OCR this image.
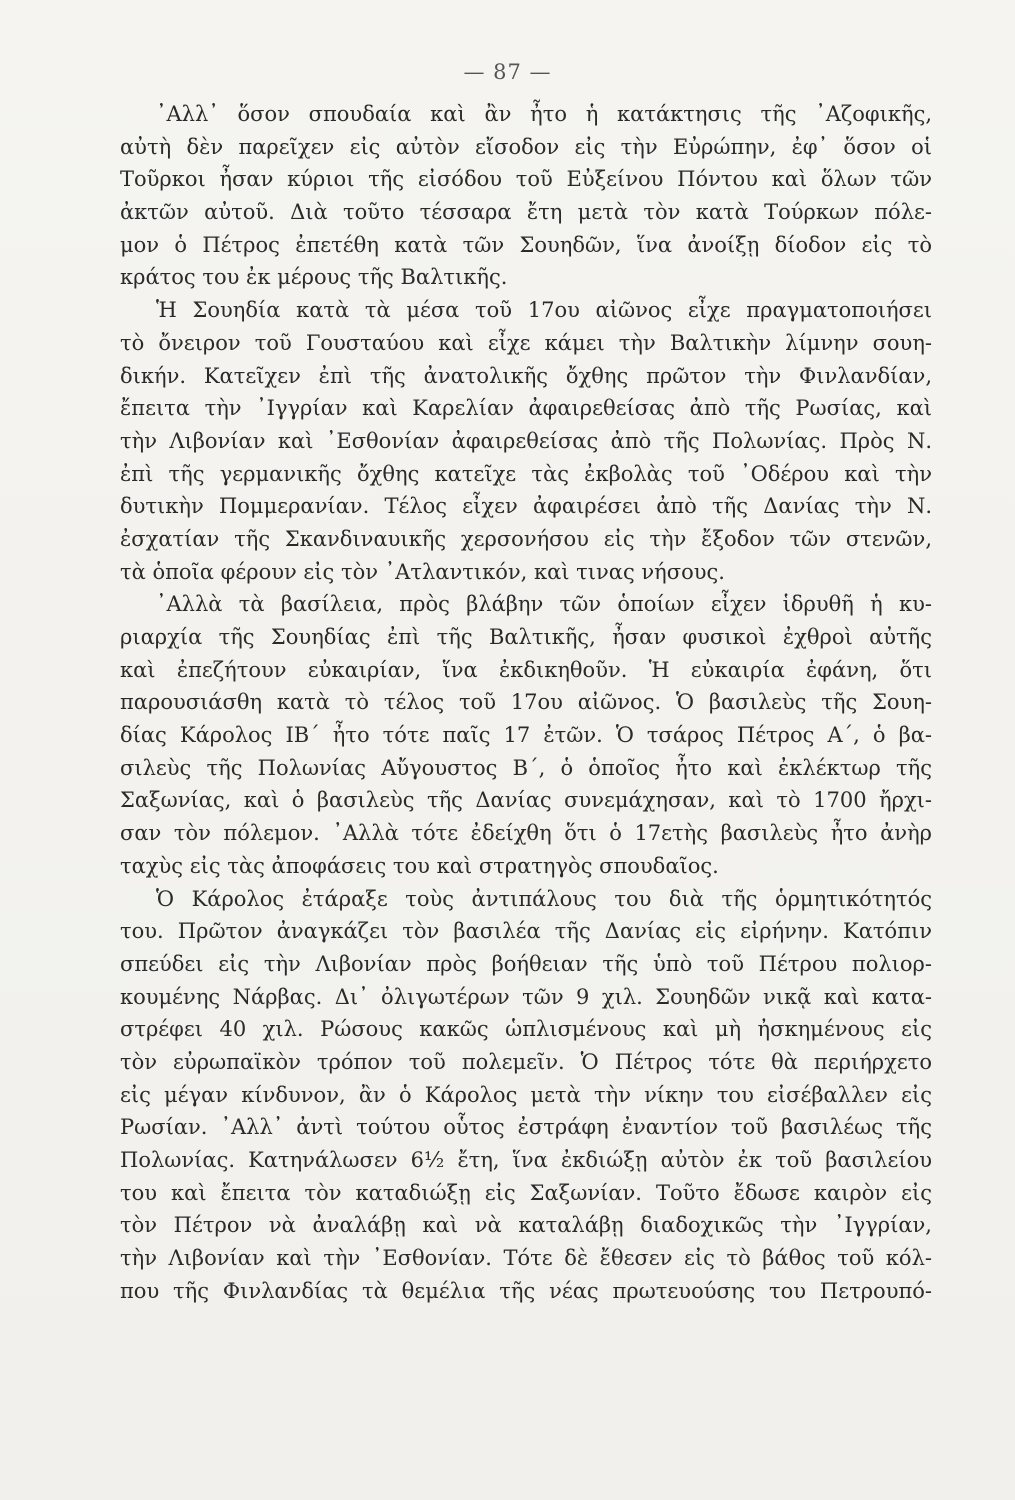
— 87 —
᾿Αλλ᾿ ὅσον σπουδαία καὶ ἂν ἦτο ἡ κατάκτησις τῆς ᾿Αζοφικῆς,
αὐτὴ δὲν παρεῖχεν εἰς αὐτὸν εἴσοδον εἰς τὴν Εὐρώπην, ἐφ᾿ ὅσον οἱ
Τοῦρκοι ἦσαν κύριοι τῆς εἰσόδου τοῦ Εὐξείνου Πόντου καὶ ὅλων τῶν
ἀκτῶν αὐτοῦ. Διὰ τοῦτο τέσσαρα ἔτη μετὰ τὸν κατὰ Τούρκων πόλε-
μον ὁ Πέτρος ἐπετέθη κατὰ τῶν Σουηδῶν, ἵνα ἀνοίξῃ δίοδον εἰς τὸ
κράτος του ἐκ μέρους τῆς Βαλτικῆς.
Ἡ Σουηδία κατὰ τὰ μέσα τοῦ 17ου αἰῶνος εἶχε πραγματοποιήσει
τὸ ὄνειρον τοῦ Γουσταύου καὶ εἶχε κάμει τὴν Βαλτικὴν λίμνην σουη-
δικήν. Κατεῖχεν ἐπὶ τῆς ἀνατολικῆς ὄχθης πρῶτον τὴν Φινλανδίαν,
ἔπειτα τὴν ᾿Ιγγρίαν καὶ Καρελίαν ἀφαιρεθείσας ἀπὸ τῆς Ρωσίας, καὶ
τὴν Λιβονίαν καὶ ᾿Εσθονίαν ἀφαιρεθείσας ἀπὸ τῆς Πολωνίας. Πρὸς Ν.
ἐπὶ τῆς γερμανικῆς ὄχθης κατεῖχε τὰς ἐκβολὰς τοῦ ᾿Οδέρου καὶ τὴν
δυτικὴν Πομμερανίαν. Τέλος εἶχεν ἀφαιρέσει ἀπὸ τῆς Δανίας τὴν Ν.
ἐσχατίαν τῆς Σκανδιναυικῆς χερσονήσου εἰς τὴν ἔξοδον τῶν στενῶν,
τὰ ὁποῖα φέρουν εἰς τὸν ᾿Ατλαντικόν, καὶ τινας νήσους.
᾿Αλλὰ τὰ βασίλεια, πρὸς βλάβην τῶν ὁποίων εἶχεν ἱδρυθῆ ἡ κυ-
ριαρχία τῆς Σουηδίας ἐπὶ τῆς Βαλτικῆς, ἦσαν φυσικοὶ ἐχθροὶ αὐτῆς
καὶ ἐπεζήτουν εὐκαιρίαν, ἵνα ἐκδικηθοῦν. Ἡ εὐκαιρία ἐφάνη, ὅτι
παρουσιάσθη κατὰ τὸ τέλος τοῦ 17ου αἰῶνος. Ὁ βασιλεὺς τῆς Σουη-
δίας Κάρολος ΙΒ΄ ἦτο τότε παῖς 17 ἐτῶν. Ὁ τσάρος Πέτρος Α΄, ὁ βα-
σιλεὺς τῆς Πολωνίας Αὔγουστος Β΄, ὁ ὁποῖος ἦτο καὶ ἐκλέκτωρ τῆς
Σαξωνίας, καὶ ὁ βασιλεὺς τῆς Δανίας συνεμάχησαν, καὶ τὸ 1700 ἤρχι-
σαν τὸν πόλεμον. ᾿Αλλὰ τότε ἐδείχθη ὅτι ὁ 17ετὴς βασιλεὺς ἦτο ἀνὴρ
ταχὺς εἰς τὰς ἀποφάσεις του καὶ στρατηγὸς σπουδαῖος.
Ὁ Κάρολος ἐτάραξε τοὺς ἀντιπάλους του διὰ τῆς ὁρμητικότητός
του. Πρῶτον ἀναγκάζει τὸν βασιλέα τῆς Δανίας εἰς εἰρήνην. Κατόπιν
σπεύδει εἰς τὴν Λιβονίαν πρὸς βοήθειαν τῆς ὑπὸ τοῦ Πέτρου πολιορ-
κουμένης Νάρβας. Δι᾿ ὀλιγωτέρων τῶν 9 χιλ. Σουηδῶν νικᾷ καὶ κατα-
στρέφει 40 χιλ. Ρώσους κακῶς ὡπλισμένους καὶ μὴ ἠσκημένους εἰς
τὸν εὐρωπαϊκὸν τρόπον τοῦ πολεμεῖν. Ὁ Πέτρος τότε θὰ περιήρχετο
εἰς μέγαν κίνδυνον, ἂν ὁ Κάρολος μετὰ τὴν νίκην του εἰσέβαλλεν εἰς
Ρωσίαν. ᾿Αλλ᾿ ἀντὶ τούτου οὗτος ἐστράφη ἐναντίον τοῦ βασιλέως τῆς
Πολωνίας. Κατηνάλωσεν 6½ ἔτη, ἵνα ἐκδιώξῃ αὐτὸν ἐκ τοῦ βασιλείου
του καὶ ἔπειτα τὸν καταδιώξῃ εἰς Σαξωνίαν. Τοῦτο ἔδωσε καιρὸν εἰς
τὸν Πέτρον νὰ ἀναλάβῃ καὶ νὰ καταλάβῃ διαδοχικῶς τὴν ᾿Ιγγρίαν,
τὴν Λιβονίαν καὶ τὴν ᾿Εσθονίαν. Τότε δὲ ἔθεσεν εἰς τὸ βάθος τοῦ κόλ-
που τῆς Φινλανδίας τὰ θεμέλια τῆς νέας πρωτευούσης του Πετρουπό-
